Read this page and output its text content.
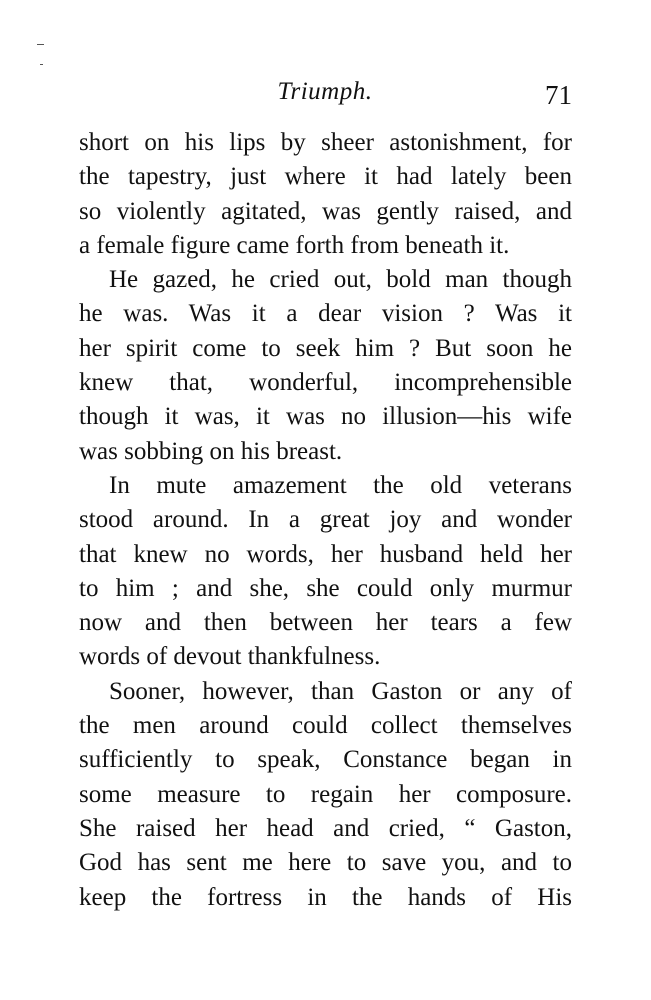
Triumph.	71
short on his lips by sheer astonishment, for
the tapestry, just where it had lately been
so violently agitated, was gently raised, and
a female figure came forth from beneath it.
He gazed, he cried out, bold man though
he was. Was it a dear vision ? Was it
her spirit come to seek him ? But soon he
knew that, wonderful, incomprehensible
though it was, it was no illusion—his wife
was sobbing on his breast.
In mute amazement the old veterans
stood around. In a great joy and wonder
that knew no words, her husband held her
to him ; and she, she could only murmur
now and then between her tears a few
words of devout thankfulness.
Sooner, however, than Gaston or any of
the men around could collect themselves
sufficiently to speak, Constance began in
some measure to regain her composure.
She raised her head and cried, “ Gaston,
God has sent me here to save you, and to
keep the fortress in the hands of His
